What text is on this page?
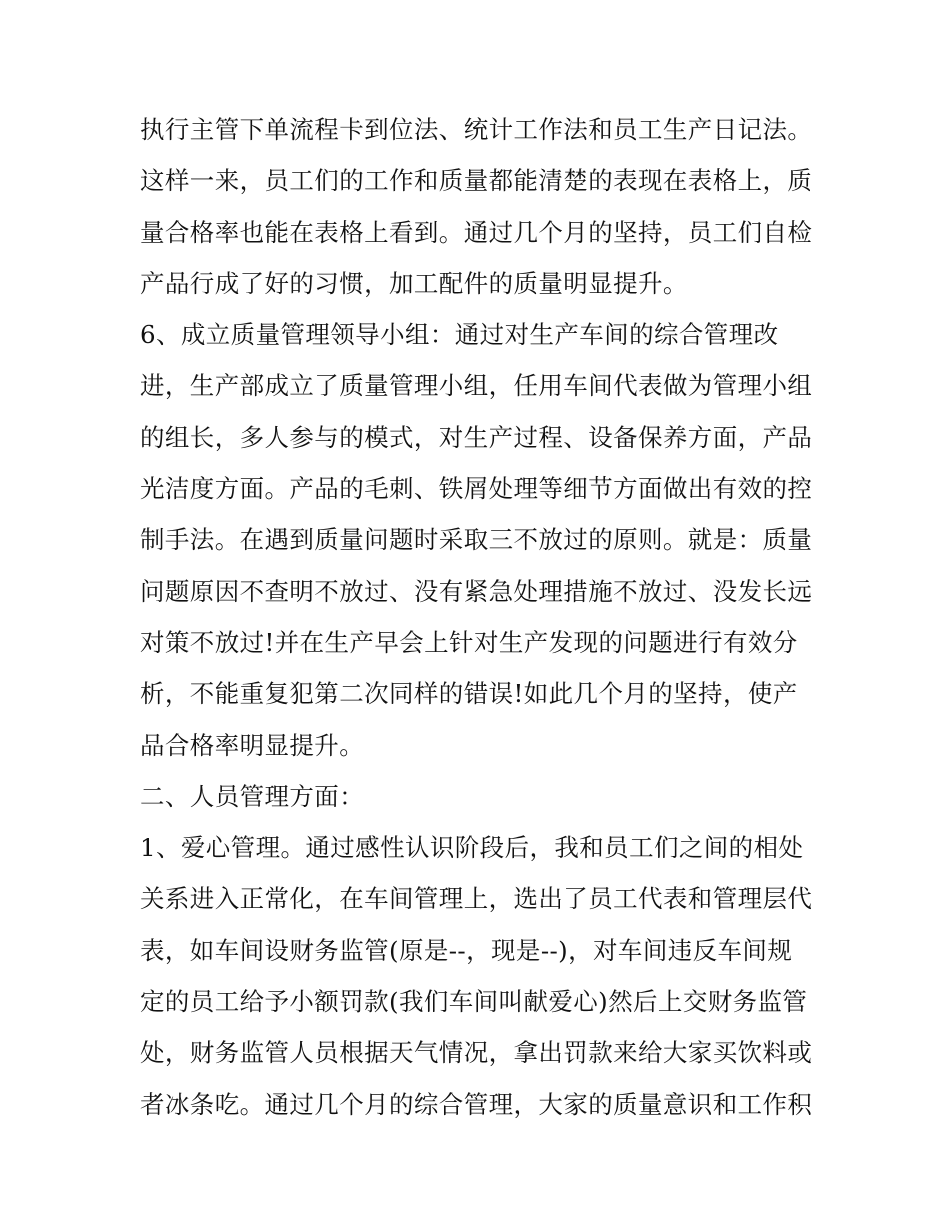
执行主管下单流程卡到位法、统计工作法和员工生产日记法。
这样一来，员工们的工作和质量都能清楚的表现在表格上，质
量合格率也能在表格上看到。通过几个月的坚持，员工们自检
产品行成了好的习惯，加工配件的质量明显提升。
6、成立质量管理领导小组：通过对生产车间的综合管理改
进，生产部成立了质量管理小组，任用车间代表做为管理小组
的组长，多人参与的模式，对生产过程、设备保养方面，产品
光洁度方面。产品的毛刺、铁屑处理等细节方面做出有效的控
制手法。在遇到质量问题时采取三不放过的原则。就是：质量
问题原因不查明不放过、没有紧急处理措施不放过、没发长远
对策不放过!并在生产早会上针对生产发现的问题进行有效分
析，不能重复犯第二次同样的错误!如此几个月的坚持，使产
品合格率明显提升。
二、人员管理方面：
1、爱心管理。通过感性认识阶段后，我和员工们之间的相处
关系进入正常化，在车间管理上，选出了员工代表和管理层代
表，如车间设财务监管(原是--，现是--)，对车间违反车间规
定的员工给予小额罚款(我们车间叫献爱心)然后上交财务监管
处，财务监管人员根据天气情况，拿出罚款来给大家买饮料或
者冰条吃。通过几个月的综合管理，大家的质量意识和工作积
